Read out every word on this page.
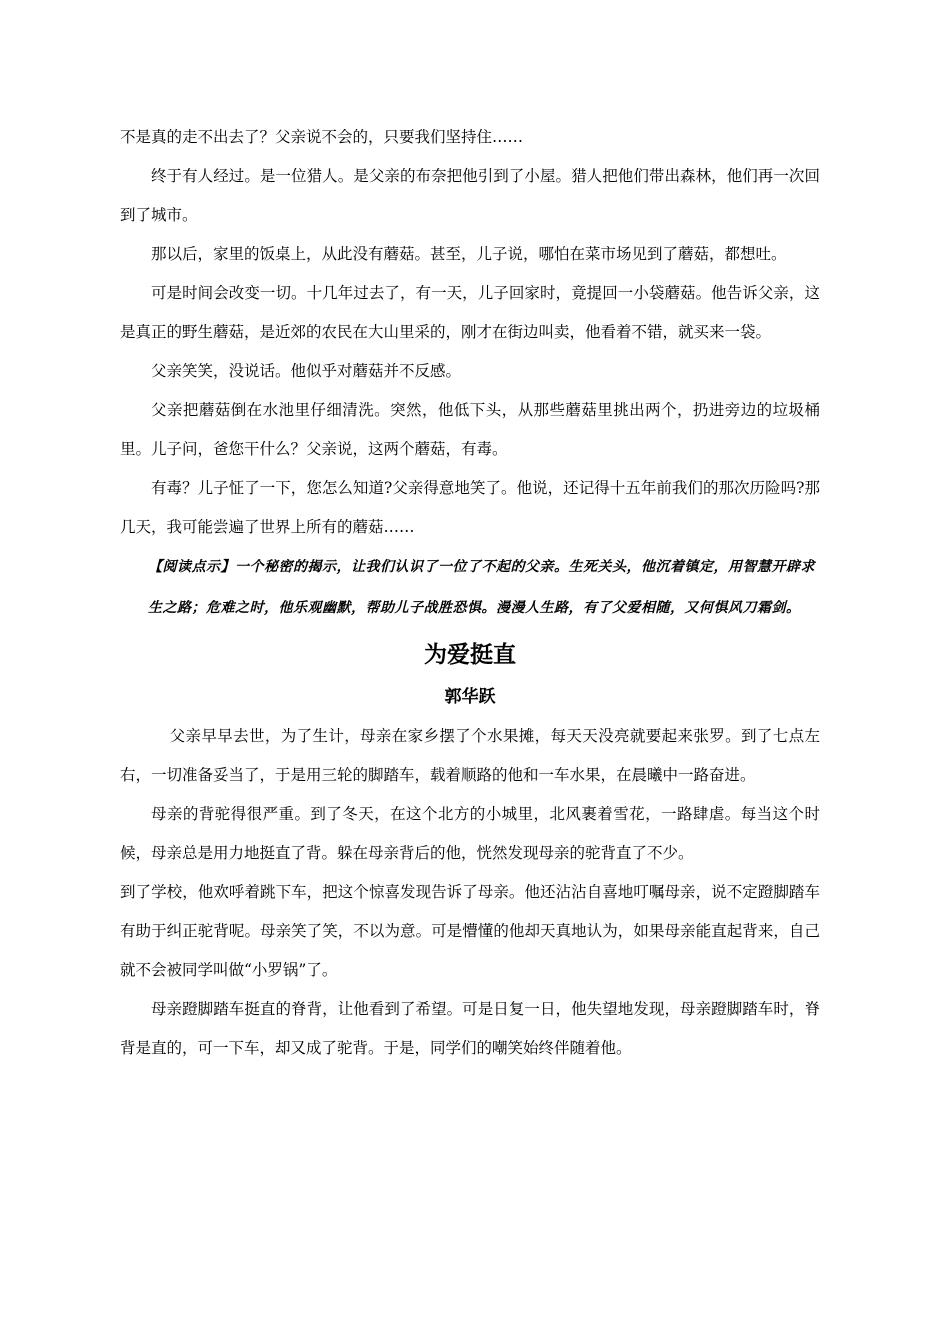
不是真的走不出去了？父亲说不会的，只要我们坚持住……

终于有人经过。是一位猎人。是父亲的布奈把他引到了小屋。猎人把他们带出森林，他们再一次回到了城市。

那以后，家里的饭桌上，从此没有蘑菇。甚至，儿子说，哪怕在菜市场见到了蘑菇，都想吐。

可是时间会改变一切。十几年过去了，有一天，儿子回家时，竟提回一小袋蘑菇。他告诉父亲，这是真正的野生蘑菇，是近郊的农民在大山里采的，刚才在街边叫卖，他看着不错，就买来一袋。

父亲笑笑，没说话。他似乎对蘑菇并不反感。

父亲把蘑菇倒在水池里仔细清洗。突然，他低下头，从那些蘑菇里挑出两个，扔进旁边的垃圾桶里。儿子问，爸您干什么？父亲说，这两个蘑菇，有毒。

有毒？儿子怔了一下，您怎么知道?父亲得意地笑了。他说，还记得十五年前我们的那次历险吗?那几天，我可能尝遍了世界上所有的蘑菇……

【阅读点示】一个秘密的揭示，让我们认识了一位了不起的父亲。生死关头，他沉着镇定，用智慧开辟求生之路；危难之时，他乐观幽默，帮助儿子战胜恐惧。漫漫人生路，有了父爱相随，又何惧风刀霜剑。

为爱挺直
郭华跃

父亲早早去世，为了生计，母亲在家乡摆了个水果摊，每天天没亮就要起来张罗。到了七点左右，一切准备妥当了，于是用三轮的脚踏车，载着顺路的他和一车水果，在晨曦中一路奋进。

母亲的背驼得很严重。到了冬天，在这个北方的小城里，北风裹着雪花，一路肆虐。每当这个时候，母亲总是用力地挺直了背。躲在母亲背后的他，恍然发现母亲的驼背直了不少。

到了学校，他欢呼着跳下车，把这个惊喜发现告诉了母亲。他还沾沾自喜地叮嘱母亲，说不定蹬脚踏车有助于纠正驼背呢。母亲笑了笑，不以为意。可是懵懂的他却天真地认为，如果母亲能直起背来，自己就不会被同学叫做“小罗锅”了。

母亲蹬脚踏车挺直的脊背，让他看到了希望。可是日复一日，他失望地发现，母亲蹬脚踏车时，脊背是直的，可一下车，却又成了驼背。于是，同学们的嘲笑始终伴随着他。
